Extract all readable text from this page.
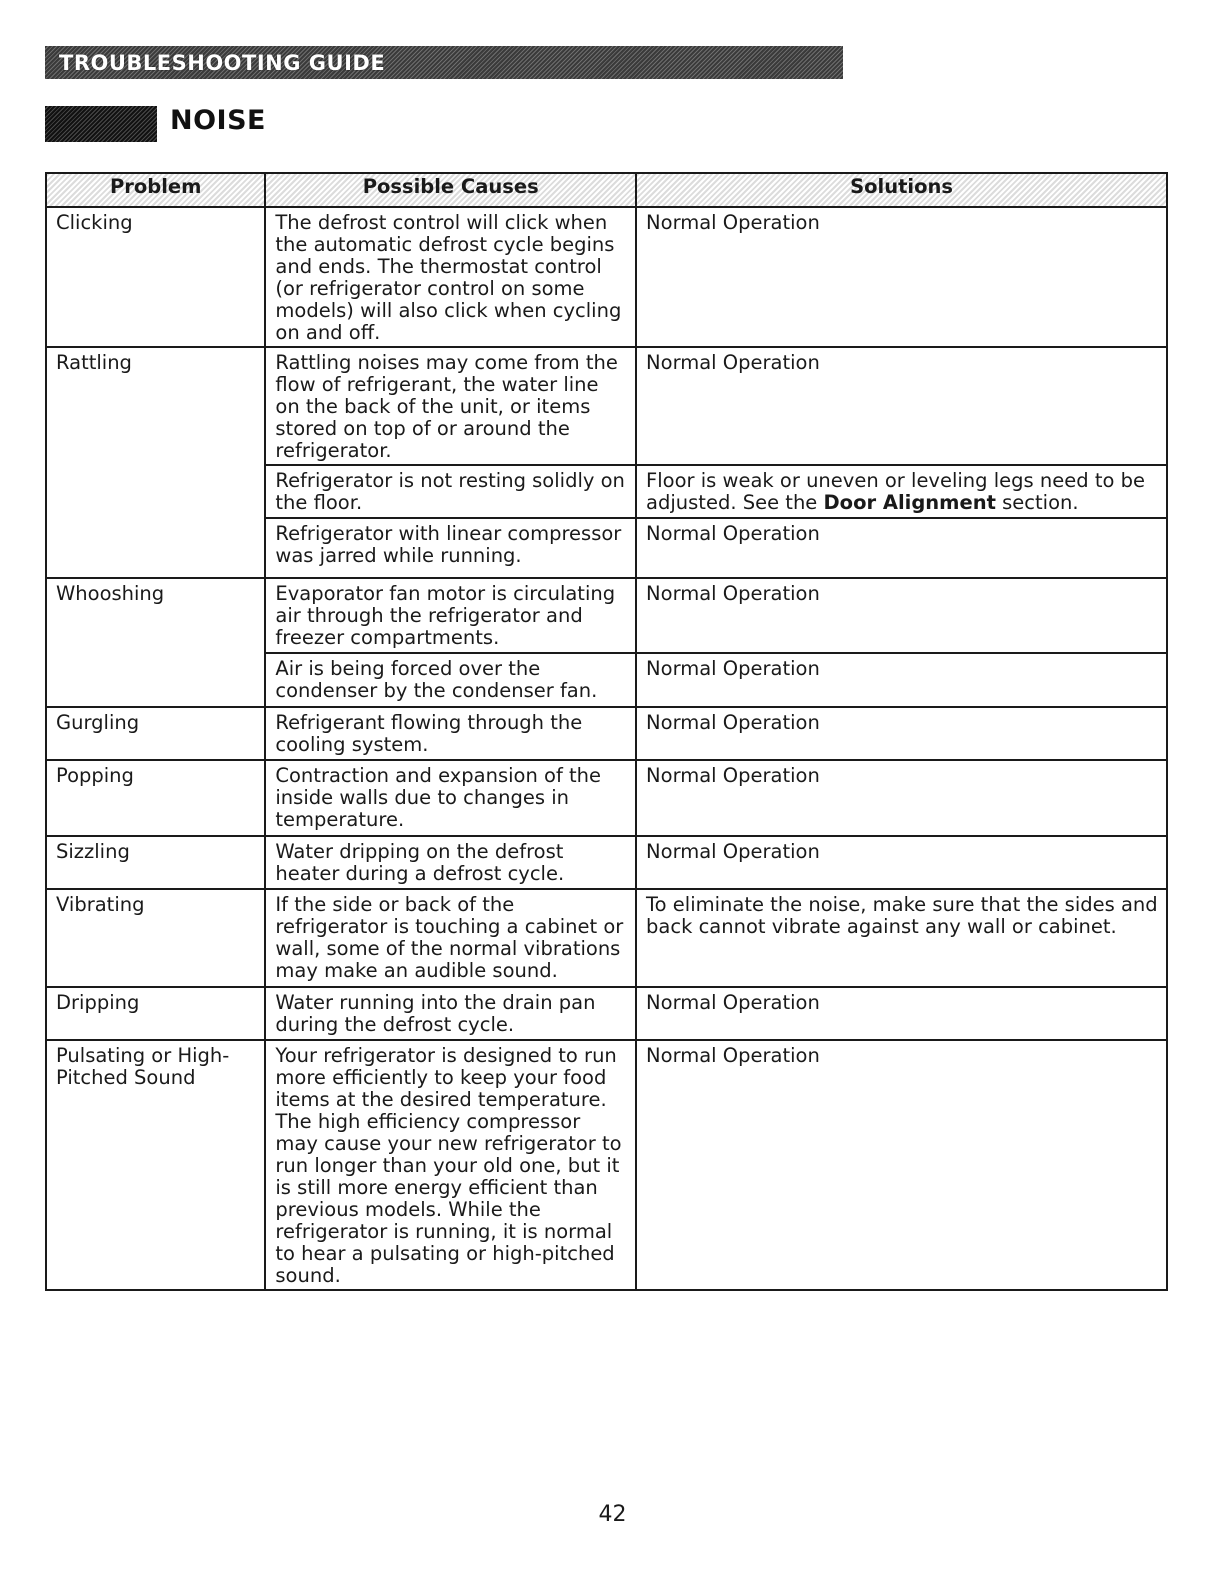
TROUBLESHOOTING GUIDE
NOISE
Problem	Possible Causes	Solutions
Clicking	The defrost control will click when the automatic defrost cycle begins and ends. The thermostat control (or refrigerator control on some models) will also click when cycling on and off.	Normal Operation
Rattling	Rattling noises may come from the flow of refrigerant, the water line on the back of the unit, or items stored on top of or around the refrigerator.	Normal Operation
	Refrigerator is not resting solidly on the floor.	Floor is weak or uneven or leveling legs need to be adjusted. See the Door Alignment section.
	Refrigerator with linear compressor was jarred while running.	Normal Operation
Whooshing	Evaporator fan motor is circulating air through the refrigerator and freezer compartments.	Normal Operation
	Air is being forced over the condenser by the condenser fan.	Normal Operation
Gurgling	Refrigerant flowing through the cooling system.	Normal Operation
Popping	Contraction and expansion of the inside walls due to changes in temperature.	Normal Operation
Sizzling	Water dripping on the defrost heater during a defrost cycle.	Normal Operation
Vibrating	If the side or back of the refrigerator is touching a cabinet or wall, some of the normal vibrations may make an audible sound.	To eliminate the noise, make sure that the sides and back cannot vibrate against any wall or cabinet.
Dripping	Water running into the drain pan during the defrost cycle.	Normal Operation
Pulsating or High-Pitched Sound	Your refrigerator is designed to run more efficiently to keep your food items at the desired temperature. The high efficiency compressor may cause your new refrigerator to run longer than your old one, but it is still more energy efficient than previous models. While the refrigerator is running, it is normal to hear a pulsating or high-pitched sound.	Normal Operation
42
